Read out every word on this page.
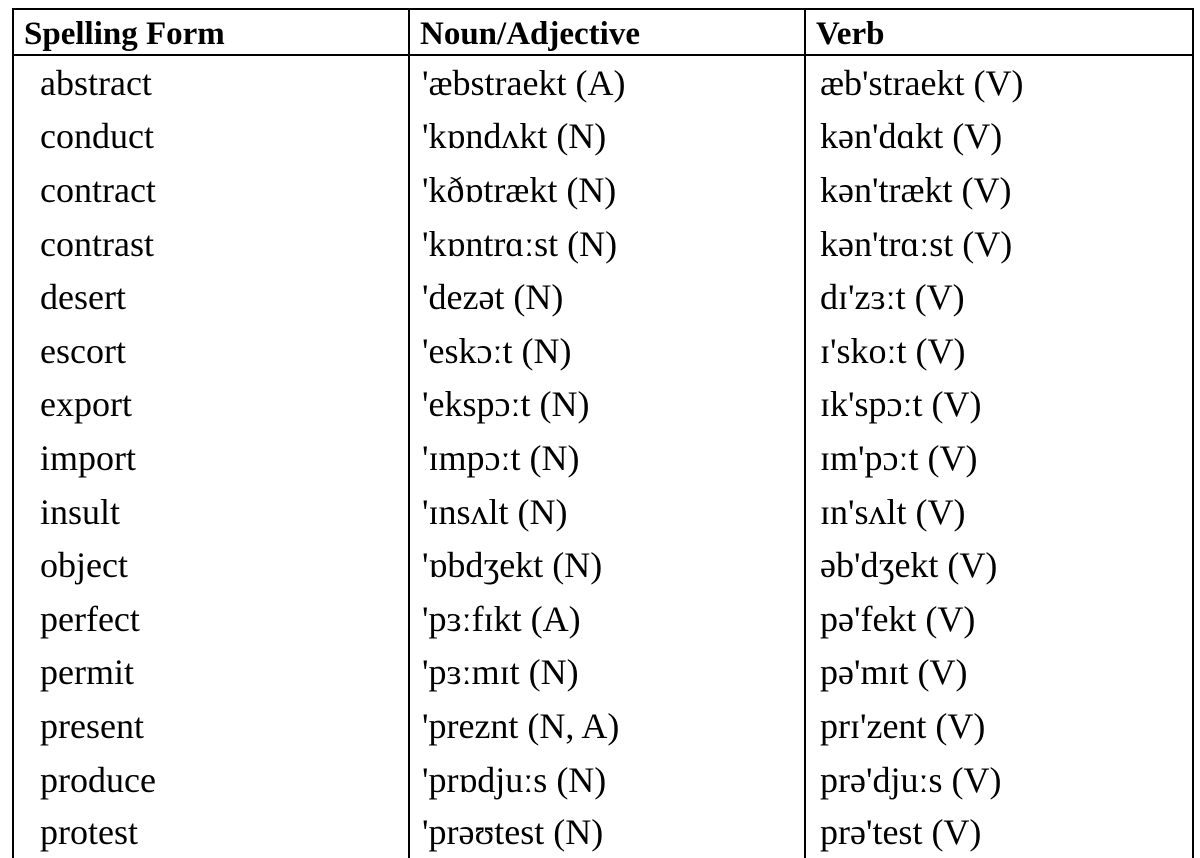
Spelling Form	Noun/Adjective	Verb
abstract	'æbstraekt (A)	æb'straekt (V)
conduct	'kɒndʌkt (N)	kən'dɑkt (V)
contract	'kðɒtrækt (N)	kən'trækt (V)
contrast	'kɒntrɑːst (N)	kən'trɑːst (V)
desert	'dezət (N)	dɪ'zɜːt (V)
escort	'eskɔːt (N)	ɪ'skoːt (V)
export	'ekspɔːt (N)	ɪk'spɔːt (V)
import	'ɪmpɔːt (N)	ɪm'pɔːt (V)
insult	'ɪnsʌlt (N)	ɪn'sʌlt (V)
object	'ɒbdʒekt (N)	əb'dʒekt (V)
perfect	'pɜːfɪkt (A)	pə'fekt (V)
permit	'pɜːmɪt (N)	pə'mɪt (V)
present	'preznt (N, A)	prɪ'zent (V)
produce	'prɒdjuːs (N)	prə'djuːs (V)
protest	'prəʊtest (N)	prə'test (V)
